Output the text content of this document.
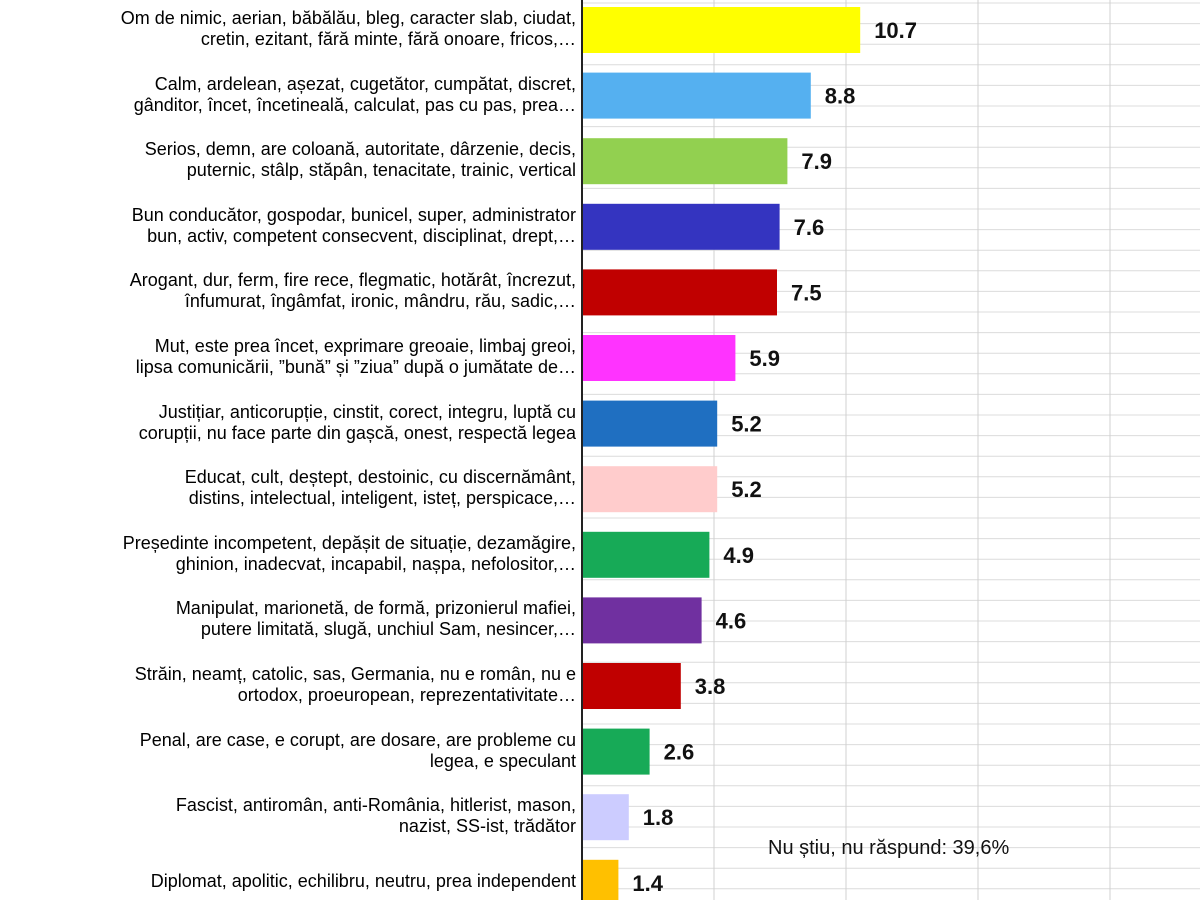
10.7
8.8
7.9
7.6
7.5
5.9
5.2
5.2
4.9
4.6
3.8
2.6
1.8
1.4
Om de nimic, aerian, băbălău, bleg, caracter slab, ciudat,
cretin, ezitant, fără minte, fără onoare, fricos,…
Calm, ardelean, așezat, cugetător, cumpătat, discret,
gânditor, încet, încetineală, calculat, pas cu pas, prea…
Serios, demn, are coloană, autoritate, dârzenie, decis,
puternic, stâlp, stăpân, tenacitate, trainic, vertical
Bun conducător, gospodar, bunicel, super, administrator
bun, activ, competent consecvent, disciplinat, drept,…
Arogant, dur, ferm, fire rece, flegmatic, hotărât, încrezut,
înfumurat, îngâmfat, ironic, mândru, rău, sadic,…
Mut, este prea încet, exprimare greoaie, limbaj greoi,
lipsa comunicării, ”bună” și ”ziua” după o jumătate de…
Justițiar, anticorupție, cinstit, corect, integru, luptă cu
corupții, nu face parte din gașcă, onest, respectă legea
Educat, cult, deștept, destoinic, cu discernământ,
distins, intelectual, inteligent, isteț, perspicace,…
Președinte incompetent, depășit de situație, dezamăgire,
ghinion, inadecvat, incapabil, nașpa, nefolositor,…
Manipulat, marionetă, de formă, prizonierul mafiei,
putere limitată, slugă, unchiul Sam, nesincer,…
Străin, neamț, catolic, sas, Germania, nu e român, nu e
ortodox, proeuropean, reprezentativitate…
Penal, are case, e corupt, are dosare, are probleme cu
legea, e speculant
Fascist, antiromân, anti-România, hitlerist, mason,
nazist, SS-ist, trădător
Diplomat, apolitic, echilibru, neutru, prea independent
Nu știu, nu răspund: 39,6%
